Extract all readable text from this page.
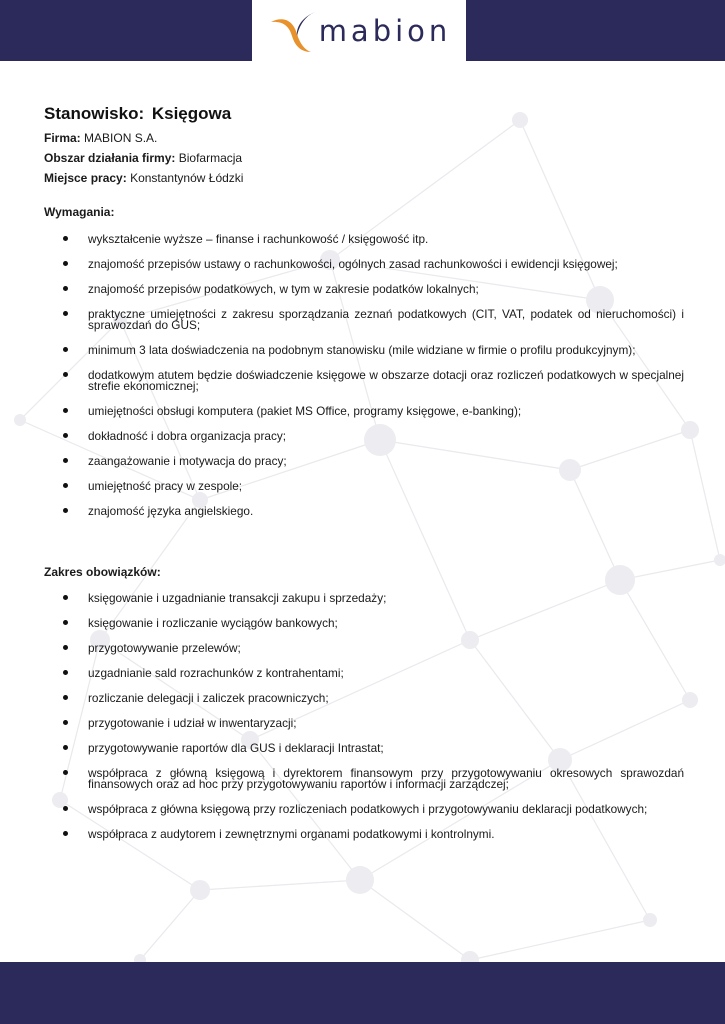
mabion
Stanowisko: Księgowa

Firma: MABION S.A.

Obszar działania firmy: Biofarmacja

Miejsce pracy: Konstantynów Łódzki

Wymagania:
wykształcenie wyższe – finanse i rachunkowość / księgowość itp.
znajomość przepisów ustawy o rachunkowości, ogólnych zasad rachunkowości i ewidencji księgowej;
znajomość przepisów podatkowych, w tym w zakresie podatków lokalnych;
praktyczne umiejętności z zakresu sporządzania zeznań podatkowych (CIT, VAT, podatek od nieruchomości) i sprawozdań do GUS;
minimum 3 lata doświadczenia na podobnym stanowisku (mile widziane w firmie o profilu produkcyjnym);
dodatkowym atutem będzie doświadczenie księgowe w obszarze dotacji oraz rozliczeń podatkowych w specjalnej strefie ekonomicznej;
umiejętności obsługi komputera (pakiet MS Office, programy księgowe, e-banking);
dokładność i dobra organizacja pracy;
zaangażowanie i motywacja do pracy;
umiejętność pracy w zespole;
znajomość języka angielskiego.
Zakres obowiązków:
księgowanie i uzgadnianie transakcji zakupu i sprzedaży;
księgowanie i rozliczanie wyciągów bankowych;
przygotowywanie przelewów;
uzgadnianie sald rozrachunków z kontrahentami;
rozliczanie delegacji i zaliczek pracowniczych;
przygotowanie i udział w inwentaryzacji;
przygotowywanie raportów dla GUS i deklaracji Intrastat;
współpraca z główną księgową i dyrektorem finansowym przy przygotowywaniu okresowych sprawozdań finansowych oraz ad hoc przy przygotowywaniu raportów i informacji zarządczej;
współpraca z główna księgową przy rozliczeniach podatkowych i przygotowywaniu deklaracji podatkowych;
współpraca z audytorem i zewnętrznymi organami podatkowymi i kontrolnymi.
